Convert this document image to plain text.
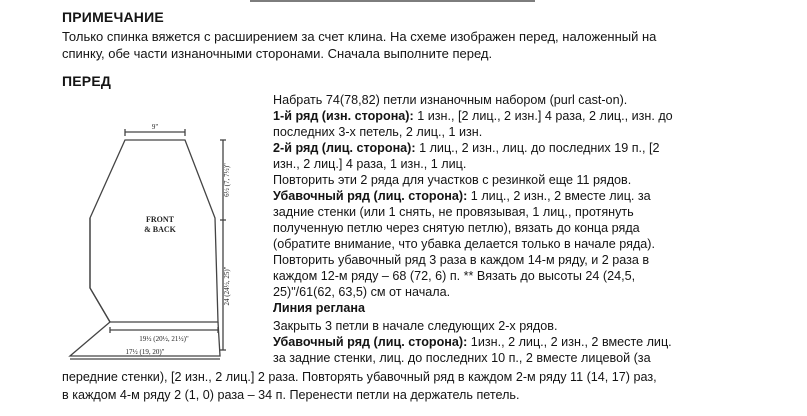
ПРИМЕЧАНИЕ
Только спинка вяжется с расширением за счет клина. На схеме изображен перед, наложенный на
спинку, обе части изнаночными сторонами. Сначала выполните перед.
ПЕРЕД
9"
6½ (7, 7½)"
24 (24½, 25)"
FRONT
& BACK
19½ (20½, 21½)"
17½ (19, 20)"
Набрать 74(78,82) петли изнаночным набором (purl cast-on).
1-й ряд (изн. сторона): 1 изн., [2 лиц., 2 изн.] 4 раза, 2 лиц., изн. до
последних 3-х петель, 2 лиц., 1 изн.
2-й ряд (лиц. сторона): 1 лиц., 2 изн., лиц. до последних 19 п., [2
изн., 2 лиц.] 4 раза, 1 изн., 1 лиц.
Повторить эти 2 ряда для участков с резинкой еще 11 рядов.
Убавочный ряд (лиц. сторона): 1 лиц., 2 изн., 2 вместе лиц. за
задние стенки (или 1 снять, не провязывая, 1 лиц., протянуть
полученную петлю через снятую петлю), вязать до конца ряда
(обратите внимание, что убавка делается только в начале ряда).
Повторить убавочный ряд 3 раза в каждом 14-м ряду, и 2 раза в
каждом 12-м ряду – 68 (72, 6) п. ** Вязать до высоты 24 (24,5,
25)"/61(62, 63,5) см от начала.
Линия реглана
Закрыть 3 петли в начале следующих 2-х рядов.
Убавочный ряд (лиц. сторона): 1изн., 2 лиц., 2 изн., 2 вместе лиц.
за задние стенки, лиц. до последних 10 п., 2 вместе лицевой (за
передние стенки), [2 изн., 2 лиц.] 2 раза. Повторять убавочный ряд в каждом 2-м ряду 11 (14, 17) раз,
в каждом 4-м ряду 2 (1, 0) раза – 34 п. Перенести петли на держатель петель.
